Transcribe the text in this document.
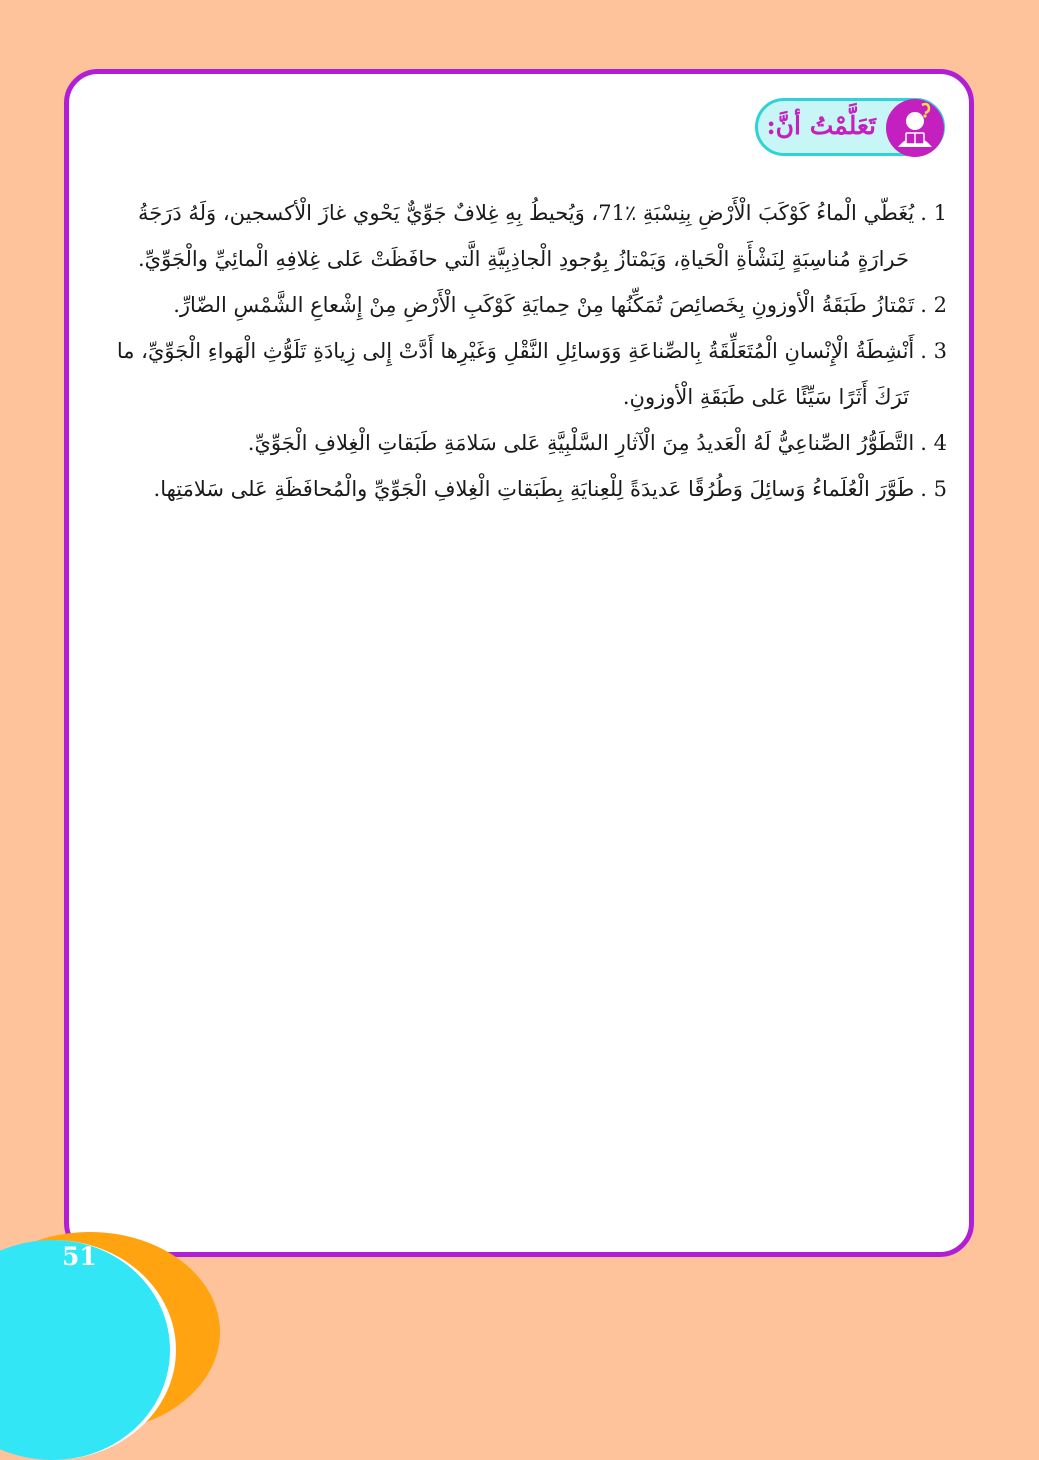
تَعَلَّمْتُ أنَّ:

1 .يُغَطّي الْماءُ كَوْكَبَ الْأَرْضِ بِنِسْبَةِ ٪71، وَيُحيطُ بِهِ غِلافٌ جَوِّيٌّ يَحْوي غازَ الْأكسجين، وَلَهُ دَرَجَةُ
حَرارَةٍ مُناسِبَةٍ لِنَشْأَةِ الْحَياةِ، وَيَمْتازُ بِوُجودِ الْجاذِبِيَّةِ الَّتي حافَظَتْ عَلى غِلافِهِ الْمائِيِّ والْجَوِّيِّ.

2 .تَمْتازُ طَبَقَةُ الْأوزونِ بِخَصائِصَ تُمَكِّنُها مِنْ حِمايَةِ كَوْكَبِ الْأَرْضِ مِنْ إِشْعاعِ الشَّمْسِ الضّارِّ.

3 .أَنْشِطَةُ الْإِنْسانِ الْمُتَعَلِّقَةُ بِالصِّناعَةِ وَوَسائِلِ النَّقْلِ وَغَيْرِها أَدَّتْ إِلى زِيادَةِ تَلَوُّثِ الْهَواءِ الْجَوِّيِّ، ما
تَرَكَ أَثَرًا سَيِّئًا عَلى طَبَقَةِ الْأوزونِ.

4 .التَّطَوُّرُ الصِّناعِيُّ لَهُ الْعَديدُ مِنَ الْآثارِ السَّلْبِيَّةِ عَلى سَلامَةِ طَبَقاتِ الْغِلافِ الْجَوِّيِّ.

5 .طَوَّرَ الْعُلَماءُ وَسائِلَ وَطُرُقًا عَديدَةً لِلْعِنايَةِ بِطَبَقاتِ الْغِلافِ الْجَوِّيِّ والْمُحافَظَةِ عَلى سَلامَتِها.

51
